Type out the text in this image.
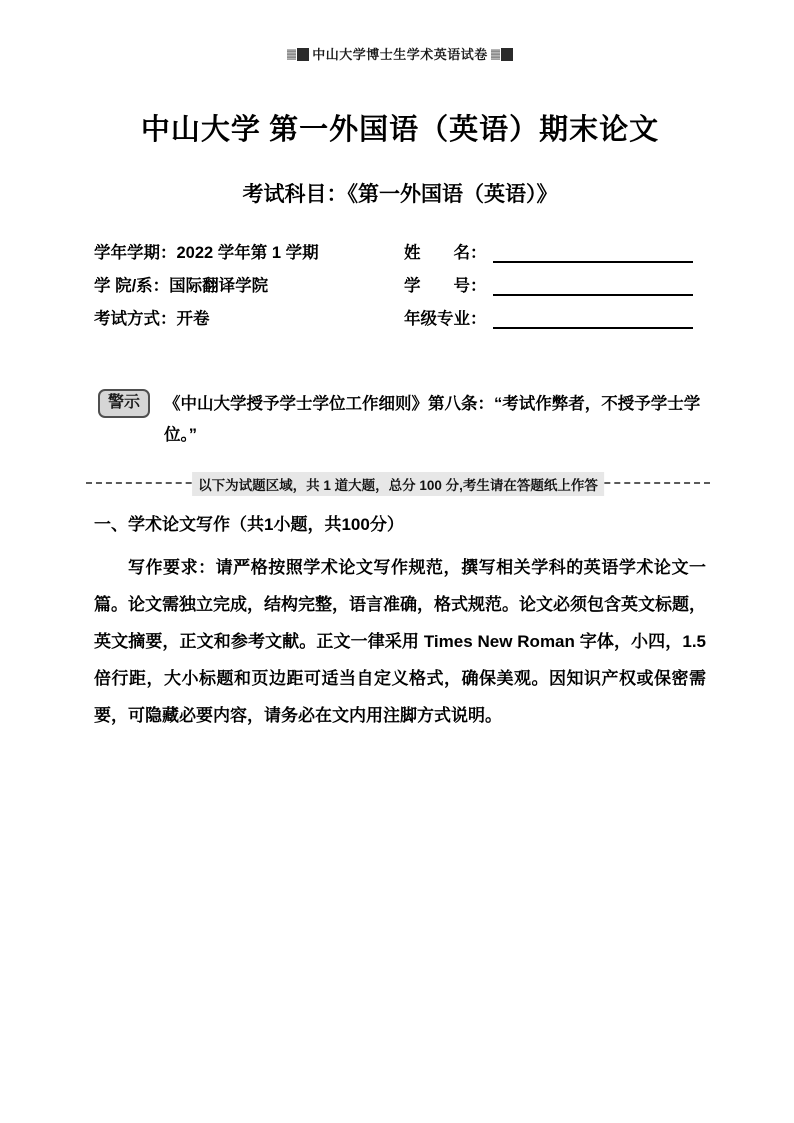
中山大学博士生学术英语试卷
中山大学 第一外国语（英语）期末论文
考试科目：《第一外国语（英语）》
学年学期： 2022 学年第 1 学期
学 院/系： 国际翻译学院
考试方式： 开卷
姓　　名：
学　　号：
年级专业：
警示	《中山大学授予学士学位工作细则》第八条：“考试作弊者，不授予学士学位。”
以下为试题区域，共 1 道大题，总分 100 分,考生请在答题纸上作答
一、学术论文写作（共1小题，共100分）

写作要求：请严格按照学术论文写作规范，撰写相关学科的英语学术论文一篇。论文需独立完成，结构完整，语言准确，格式规范。论文必须包含英文标题，英文摘要，正文和参考文献。正文一律采用 Times New Roman 字体，小四，1.5 倍行距，大小标题和页边距可适当自定义格式，确保美观。因知识产权或保密需要，可隐藏必要内容，请务必在文内用注脚方式说明。
